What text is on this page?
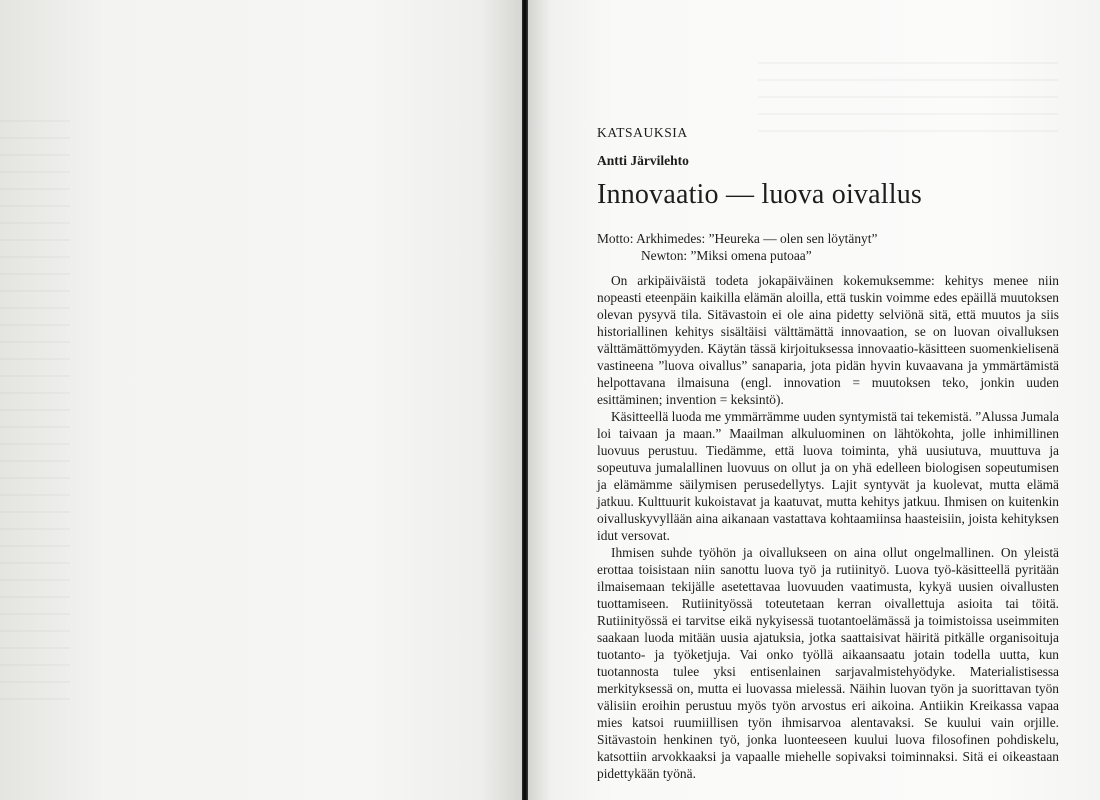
KATSAUKSIA
Antti Järvilehto
Innovaatio — luova oivallus
Motto: Arkhimedes: ”Heureka — olen sen löytänyt”
Newton: ”Miksi omena putoaa”

On arkipäiväistä todeta jokapäiväinen kokemuksemme: kehitys menee niin nopeasti eteenpäin kaikilla elämän aloilla, että tuskin voimme edes epäillä muutoksen olevan pysyvä tila. Sitävastoin ei ole aina pidetty selviönä sitä, että muutos ja siis historiallinen kehitys sisältäisi välttämättä innovaation, se on luovan oivalluksen välttämättömyyden. Käytän tässä kirjoituksessa innovaatio-käsitteen suomenkielisenä vastineena ”luova oivallus” sanaparia, jota pidän hyvin kuvaavana ja ymmärtämistä helpottavana ilmaisuna (engl. innovation = muutoksen teko, jonkin uuden esittäminen; invention = keksintö).

Käsitteellä luoda me ymmärrämme uuden syntymistä tai tekemistä. ”Alussa Jumala loi taivaan ja maan.” Maailman alkuluominen on lähtökohta, jolle inhimillinen luovuus perustuu. Tiedämme, että luova toiminta, yhä uusiutuva, muuttuva ja sopeutuva jumalallinen luovuus on ollut ja on yhä edelleen biologisen sopeutumisen ja elämämme säilymisen perusedellytys. Lajit syntyvät ja kuolevat, mutta elämä jatkuu. Kulttuurit kukoistavat ja kaatuvat, mutta kehitys jatkuu. Ihmisen on kuitenkin oivalluskyvyllään aina aikanaan vastattava kohtaamiinsa haasteisiin, joista kehityksen idut versovat.

Ihmisen suhde työhön ja oivallukseen on aina ollut ongelmallinen. On yleistä erottaa toisistaan niin sanottu luova työ ja rutiinityö. Luova työ-käsitteellä pyritään ilmaisemaan tekijälle asetettavaa luovuuden vaatimusta, kykyä uusien oivallusten tuottamiseen. Rutiinityössä toteutetaan kerran oivallettuja asioita tai töitä. Rutiinityössä ei tarvitse eikä nykyisessä tuotantoelämässä ja toimistoissa useimmiten saakaan luoda mitään uusia ajatuksia, jotka saattaisivat häiritä pitkälle organisoituja tuotanto- ja työketjuja. Vai onko työllä aikaansaatu jotain todella uutta, kun tuotannosta tulee yksi entisenlainen sarjavalmistehyödyke. Materialistisessa merkityksessä on, mutta ei luovassa mielessä. Näihin luovan työn ja suorittavan työn välisiin eroihin perustuu myös työn arvostus eri aikoina. Antiikin Kreikassa vapaa mies katsoi ruumiillisen työn ihmisarvoa alentavaksi. Se kuului vain orjille. Sitävastoin henkinen työ, jonka luonteeseen kuului luova filosofinen pohdiskelu, katsottiin arvokkaaksi ja vapaalle miehelle sopivaksi toiminnaksi. Sitä ei oikeastaan pidettykään työnä.
